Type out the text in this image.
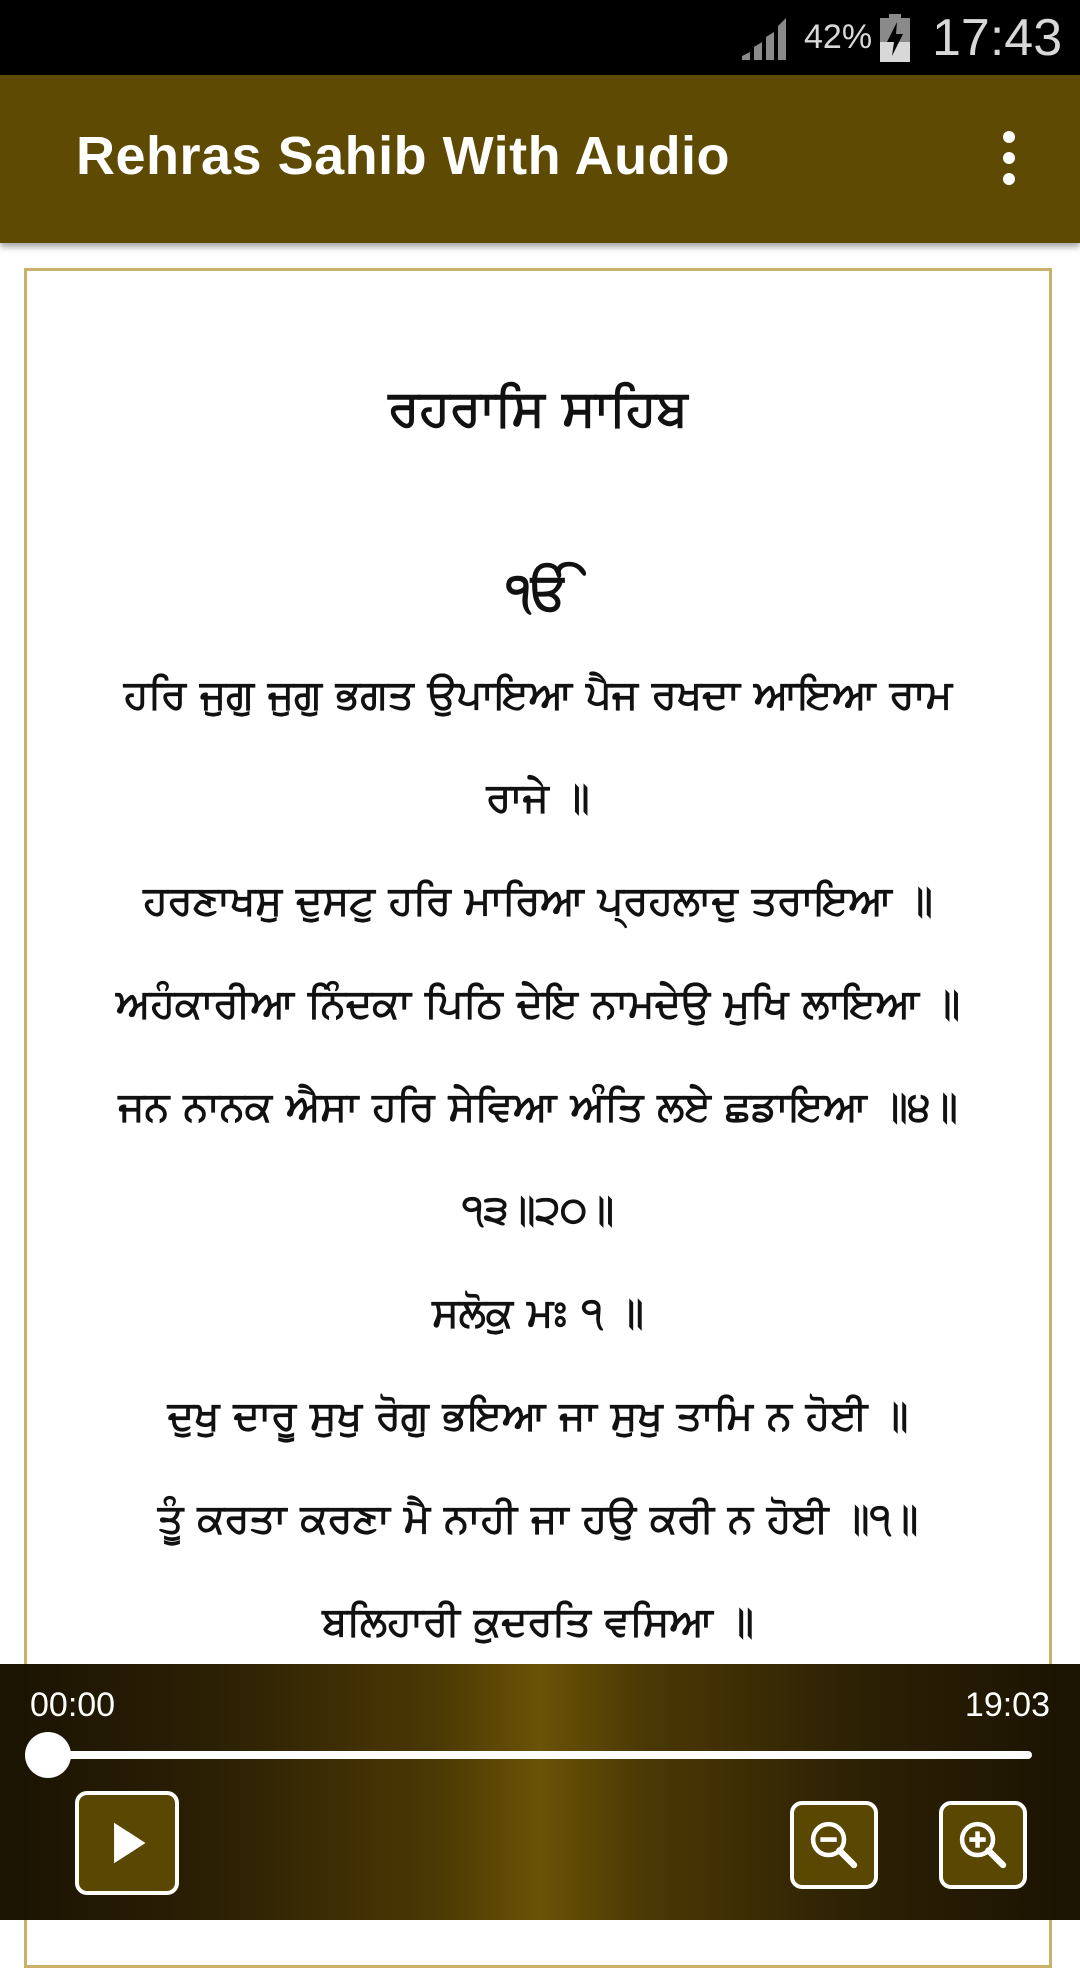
42% 17:43
Rehras Sahib With Audio
ਰਹਰਾਸਿ ਸਾਹਿਬ
ੴ
ਹਰਿ ਜੁਗੁ ਜੁਗੁ ਭਗਤ ਉਪਾਇਆ ਪੈਜ ਰਖਦਾ ਆਇਆ ਰਾਮ
ਰਾਜੇ ॥
ਹਰਣਾਖਸੁ ਦੁਸਟੁ ਹਰਿ ਮਾਰਿਆ ਪ੍ਰਹਲਾਦੁ ਤਰਾਇਆ ॥
ਅਹੰਕਾਰੀਆ ਨਿੰਦਕਾ ਪਿਠਿ ਦੇਇ ਨਾਮਦੇਉ ਮੁਖਿ ਲਾਇਆ ॥
ਜਨ ਨਾਨਕ ਐਸਾ ਹਰਿ ਸੇਵਿਆ ਅੰਤਿ ਲਏ ਛਡਾਇਆ ॥੪॥
੧੩॥੨੦॥
ਸਲੋਕੁ ਮਃ ੧ ॥
ਦੁਖੁ ਦਾਰੂ ਸੁਖੁ ਰੋਗੁ ਭਇਆ ਜਾ ਸੁਖੁ ਤਾਮਿ ਨ ਹੋਈ ॥
ਤੂੰ ਕਰਤਾ ਕਰਣਾ ਮੈ ਨਾਹੀ ਜਾ ਹਉ ਕਰੀ ਨ ਹੋਈ ॥੧॥
ਬਲਿਹਾਰੀ ਕੁਦਰਤਿ ਵਸਿਆ ॥
00:00	19:03
